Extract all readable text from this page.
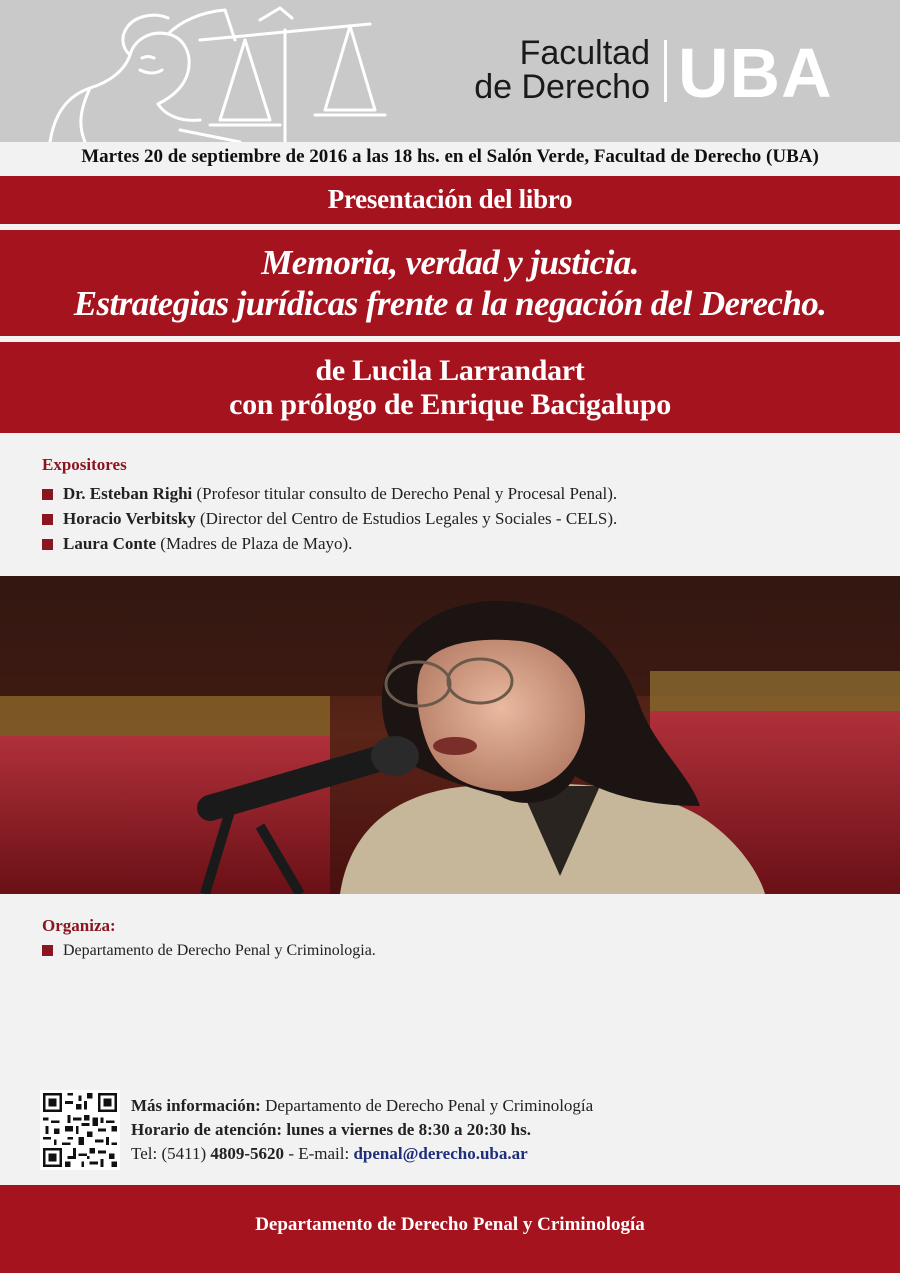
Facultad
de Derecho UBA
Martes 20 de septiembre de 2016 a las 18 hs. en el Salón Verde, Facultad de Derecho (UBA)
Presentación del libro
Memoria, verdad y justicia.
Estrategias jurídicas frente a la negación del Derecho.
de Lucila Larrandart
con prólogo de Enrique Bacigalupo
Expositores
Dr. Esteban Righi (Profesor titular consulto de Derecho Penal y Procesal Penal).
Horacio Verbitsky (Director del Centro de Estudios Legales y Sociales - CELS).
Laura Conte (Madres de Plaza de Mayo).
Organiza:
Departamento de Derecho Penal y Criminologia.
Más información: Departamento de Derecho Penal y Criminología
Horario de atención: lunes a viernes de 8:30 a 20:30 hs.
Tel: (5411) 4809-5620 - E-mail: dpenal@derecho.uba.ar
Departamento de Derecho Penal y Criminología
